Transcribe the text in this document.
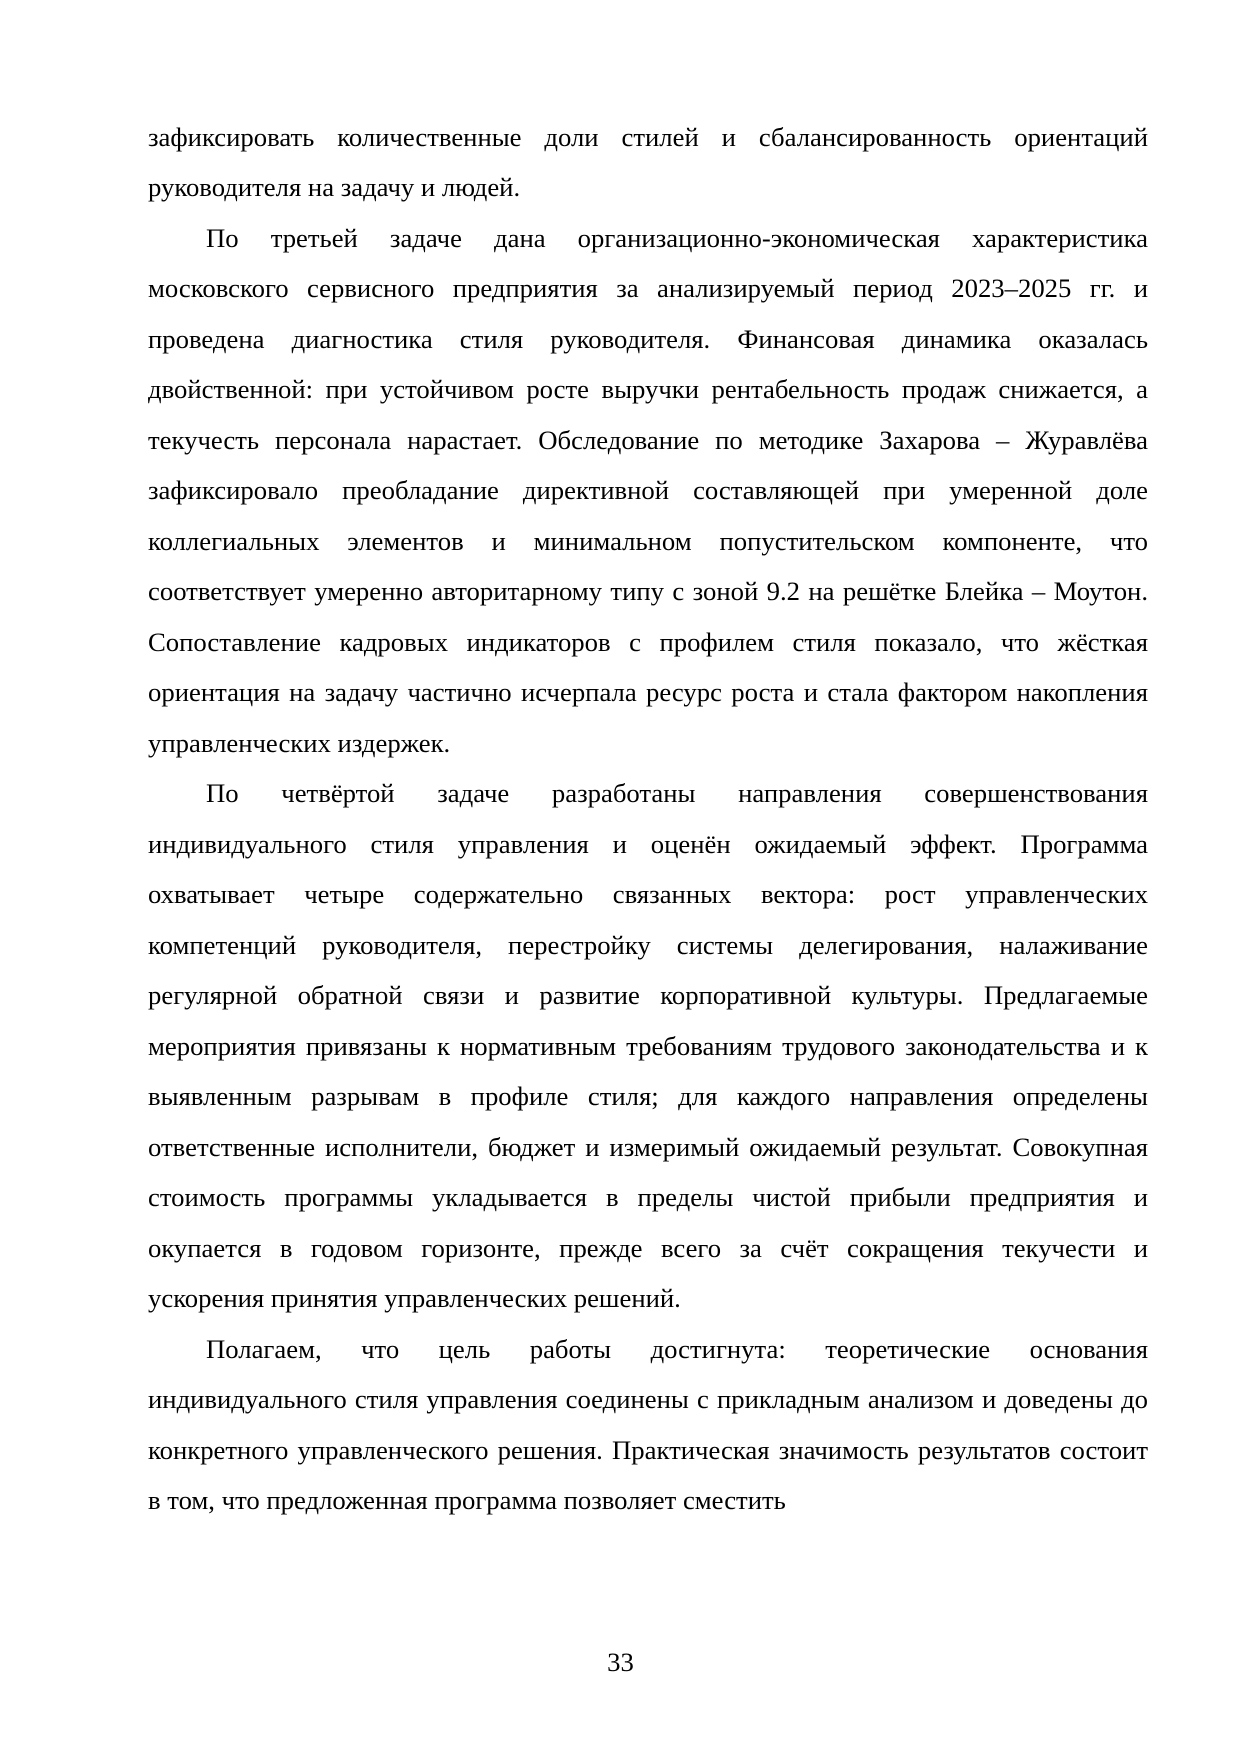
зафиксировать количественные доли стилей и сбалансированность ориентаций руководителя на задачу и людей.

По третьей задаче дана организационно-экономическая характеристика московского сервисного предприятия за анализируемый период 2023–2025 гг. и проведена диагностика стиля руководителя. Финансовая динамика оказалась двойственной: при устойчивом росте выручки рентабельность продаж снижается, а текучесть персонала нарастает. Обследование по методике Захарова – Журавлёва зафиксировало преобладание директивной составляющей при умеренной доле коллегиальных элементов и минимальном попустительском компоненте, что соответствует умеренно авторитарному типу с зоной 9.2 на решётке Блейка – Моутон. Сопоставление кадровых индикаторов с профилем стиля показало, что жёсткая ориентация на задачу частично исчерпала ресурс роста и стала фактором накопления управленческих издержек.

По четвёртой задаче разработаны направления совершенствования индивидуального стиля управления и оценён ожидаемый эффект. Программа охватывает четыре содержательно связанных вектора: рост управленческих компетенций руководителя, перестройку системы делегирования, налаживание регулярной обратной связи и развитие корпоративной культуры. Предлагаемые мероприятия привязаны к нормативным требованиям трудового законодательства и к выявленным разрывам в профиле стиля; для каждого направления определены ответственные исполнители, бюджет и измеримый ожидаемый результат. Совокупная стоимость программы укладывается в пределы чистой прибыли предприятия и окупается в годовом горизонте, прежде всего за счёт сокращения текучести и ускорения принятия управленческих решений.

Полагаем, что цель работы достигнута: теоретические основания индивидуального стиля управления соединены с прикладным анализом и доведены до конкретного управленческого решения. Практическая значимость результатов состоит в том, что предложенная программа позволяет сместить

33
